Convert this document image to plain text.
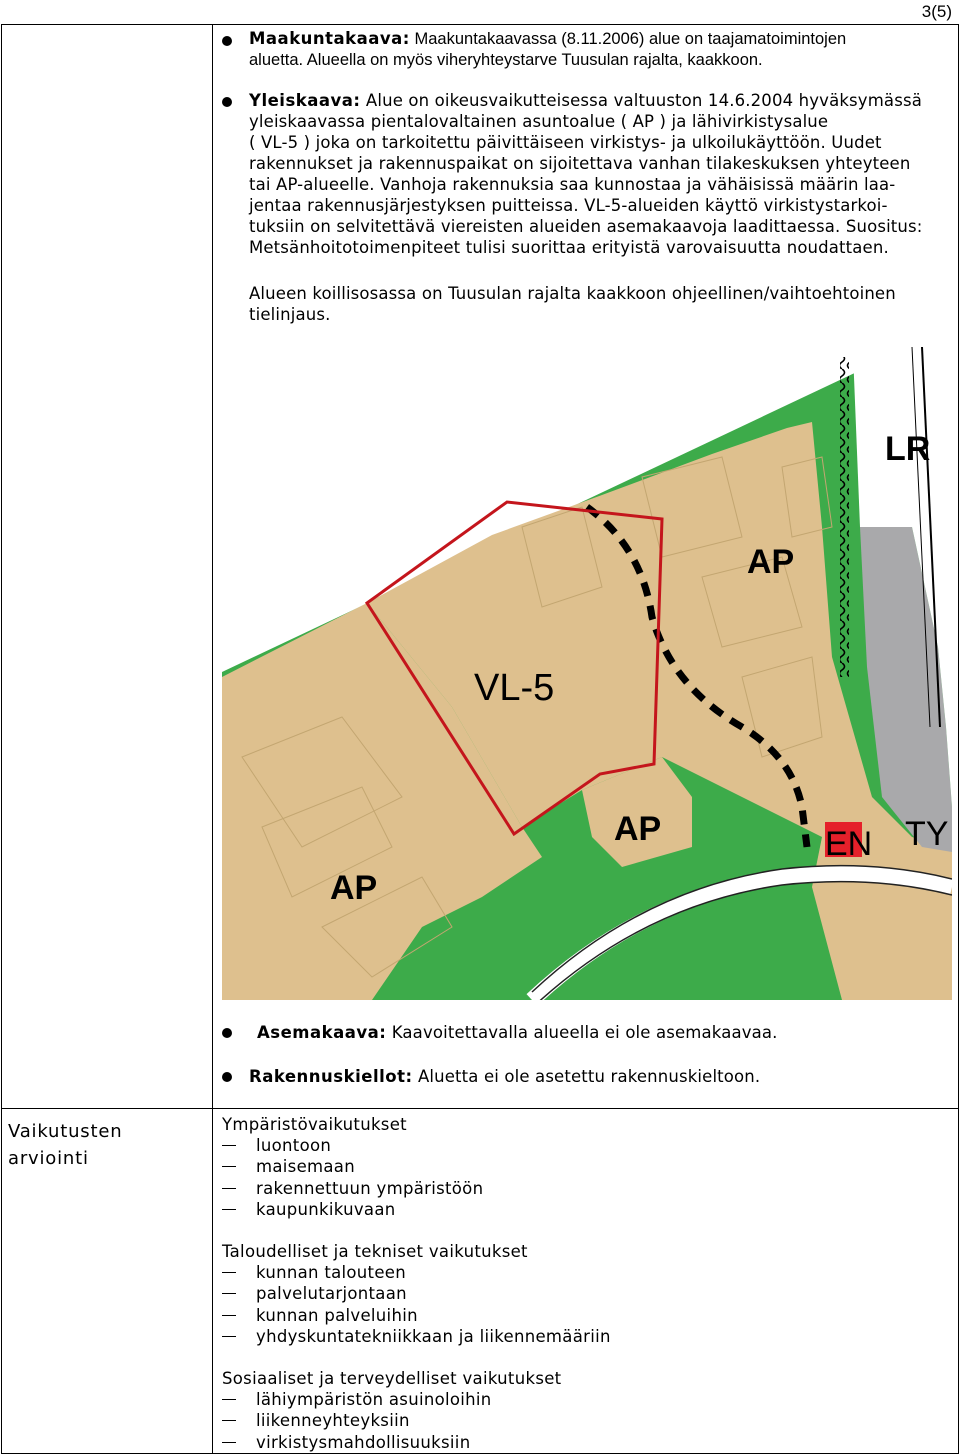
3(5)
Maakuntakaava: Maakuntakaavassa (8.11.2006) alue on taajamatoimintojen
aluetta. Alueella on myös viheryhteystarve Tuusulan rajalta, kaakkoon.
Yleiskaava: Alue on oikeusvaikutteisessa valtuuston 14.6.2004 hyväksymässä
yleiskaavassa pientalovaltainen asuntoalue ( AP ) ja lähivirkistysalue
( VL-5 ) joka on tarkoitettu päivittäiseen virkistys- ja ulkoilukäyttöön. Uudet
rakennukset ja rakennuspaikat on sijoitettava vanhan tilakeskuksen yhteyteen
tai AP-alueelle. Vanhoja rakennuksia saa kunnostaa ja vähäisissä määrin laa-
jentaa rakennusjärjestyksen puitteissa. VL-5-alueiden käyttö virkistystarkoi-
tuksiin on selvitettävä viereisten alueiden asemakaavoja laadittaessa. Suositus:
Metsänhoitotoimenpiteet tulisi suorittaa erityistä varovaisuutta noudattaen.
Alueen koillisosassa on Tuusulan rajalta kaakkoon ohjeellinen/vaihtoehtoinen
tielinjaus.
LR
AP
VL-5
AP
AP
EN TY
Asemakaava: Kaavoitettavalla alueella ei ole asemakaavaa.
Rakennuskiellot: Aluetta ei ole asetettu rakennuskieltoon.
Vaikutusten
arviointi
Ympäristövaikutukset
luontoon
maisemaan
rakennettuun ympäristöön
kaupunkikuvaan
Taloudelliset ja tekniset vaikutukset
kunnan talouteen
palvelutarjontaan
kunnan palveluihin
yhdyskuntatekniikkaan ja liikennemääriin
Sosiaaliset ja terveydelliset vaikutukset
lähiympäristön asuinoloihin
liikenneyhteyksiin
virkistysmahdollisuuksiin
